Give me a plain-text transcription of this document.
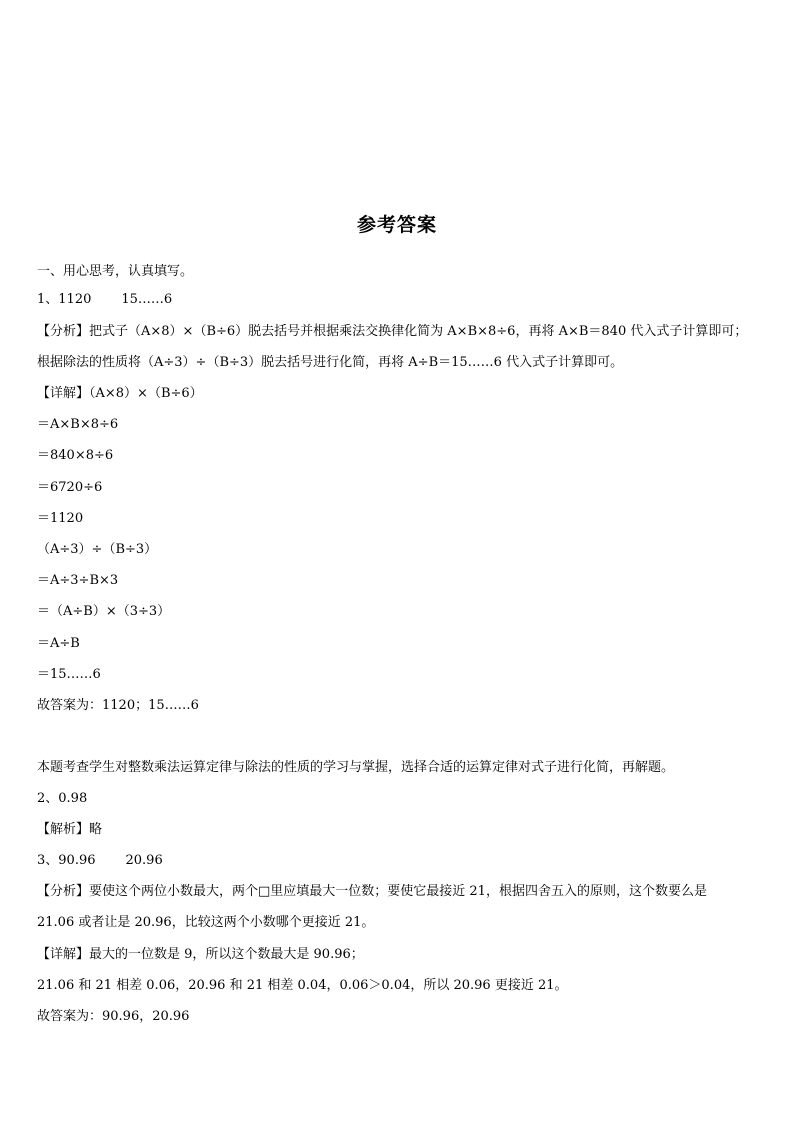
参考答案
一、用心思考，认真填写。
1、1120 15……6
【分析】把式子（A×8）×（B÷6）脱去括号并根据乘法交换律化简为 A×B×8÷6，再将 A×B＝840 代入式子计算即可；
根据除法的性质将（A÷3）÷（B÷3）脱去括号进行化简，再将 A÷B＝15……6 代入式子计算即可。
【详解】（A×8）×（B÷6）
＝A×B×8÷6
＝840×8÷6
＝6720÷6
＝1120
（A÷3）÷（B÷3）
＝A÷3÷B×3
＝（A÷B）×（3÷3）
＝A÷B
＝15……6
故答案为：1120；15……6
本题考查学生对整数乘法运算定律与除法的性质的学习与掌握，选择合适的运算定律对式子进行化简，再解题。
2、0.98
【解析】略
3、90.96 20.96
【分析】要使这个两位小数最大，两个□里应填最大一位数；要使它最接近 21，根据四舍五入的原则，这个数要么是
21.06 或者让是 20.96，比较这两个小数哪个更接近 21。
【详解】最大的一位数是 9，所以这个数最大是 90.96；
21.06 和 21 相差 0.06，20.96 和 21 相差 0.04，0.06＞0.04，所以 20.96 更接近 21。
故答案为：90.96，20.96
